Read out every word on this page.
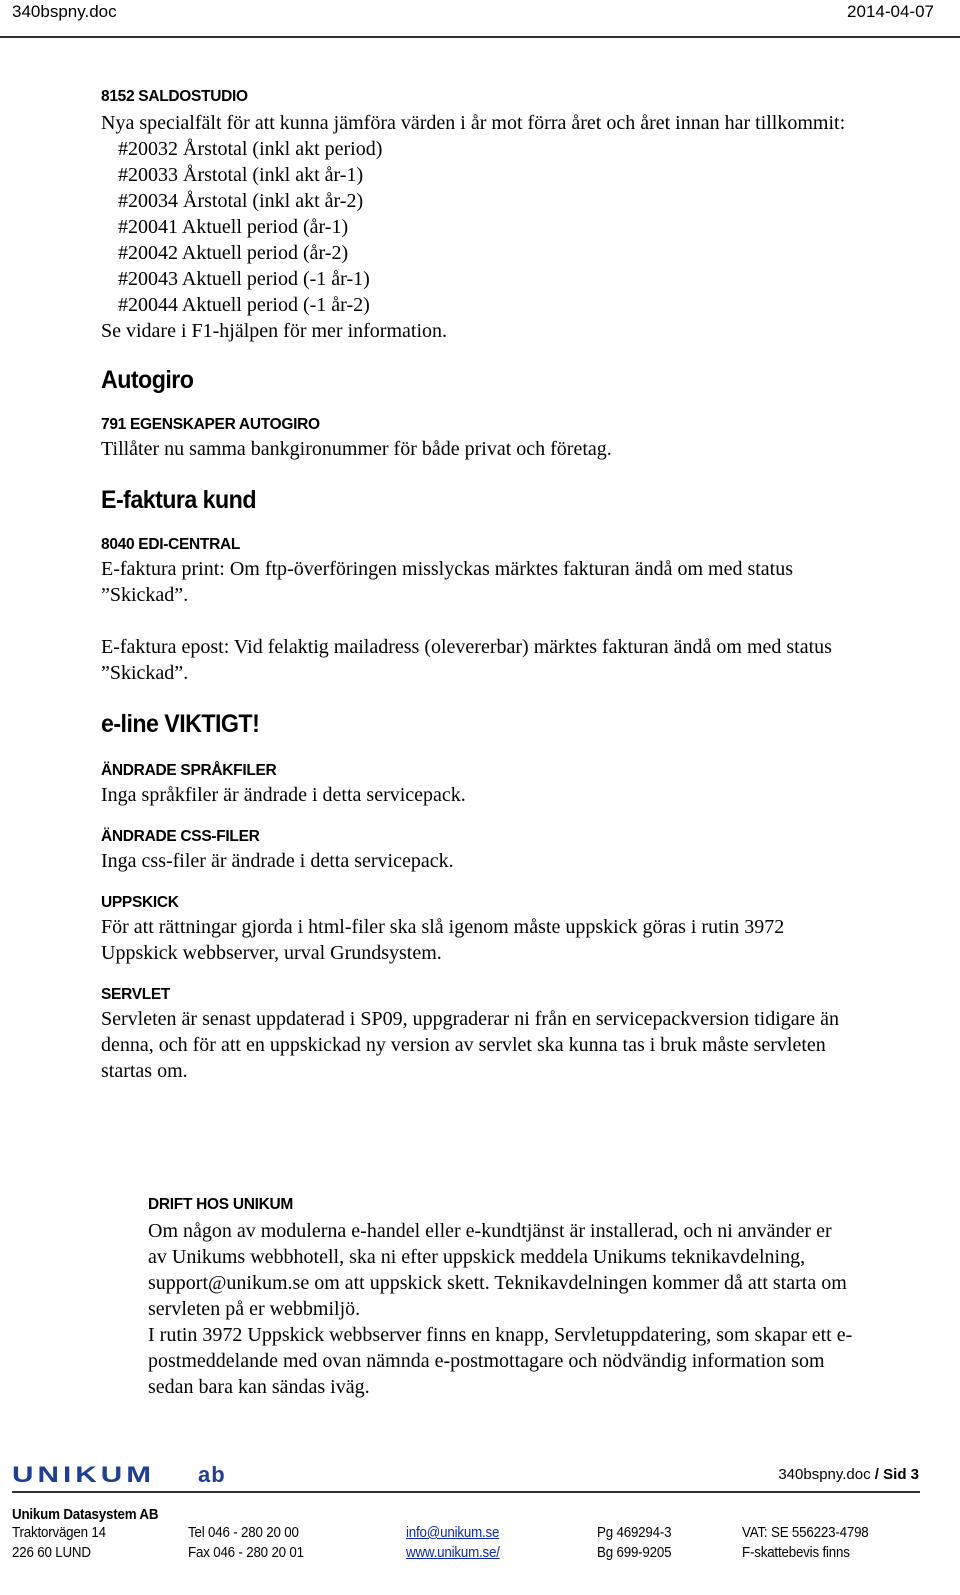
340bspny.doc	2014-04-07
8152 SALDOSTUDIO
Nya specialfält för att kunna jämföra värden i år mot förra året och året innan har tillkommit:
#20032 Årstotal (inkl akt period)
#20033 Årstotal (inkl akt år-1)
#20034 Årstotal (inkl akt år-2)
#20041 Aktuell period (år-1)
#20042 Aktuell period (år-2)
#20043 Aktuell period (-1 år-1)
#20044 Aktuell period (-1 år-2)
Se vidare i F1-hjälpen för mer information.
Autogiro
791 EGENSKAPER AUTOGIRO
Tillåter nu samma bankgironummer för både privat och företag.
E-faktura kund
8040 EDI-CENTRAL
E-faktura print: Om ftp-överföringen misslyckas märktes fakturan ändå om med status
”Skickad”.
E-faktura epost: Vid felaktig mailadress (olevererbar) märktes fakturan ändå om med status
”Skickad”.
e-line VIKTIGT!
ÄNDRADE SPRÅKFILER
Inga språkfiler är ändrade i detta servicepack.
ÄNDRADE CSS-FILER
Inga css-filer är ändrade i detta servicepack.
UPPSKICK
För att rättningar gjorda i html-filer ska slå igenom måste uppskick göras i rutin 3972
Uppskick webbserver, urval Grundsystem.
SERVLET
Servleten är senast uppdaterad i SP09, uppgraderar ni från en servicepackversion tidigare än
denna, och för att en uppskickad ny version av servlet ska kunna tas i bruk måste servleten
startas om.
DRIFT HOS UNIKUM
Om någon av modulerna e-handel eller e-kundtjänst är installerad, och ni använder er
av Unikums webbhotell, ska ni efter uppskick meddela Unikums teknikavdelning,
support@unikum.se om att uppskick skett. Teknikavdelningen kommer då att starta om
servleten på er webbmiljö.
I rutin 3972 Uppskick webbserver finns en knapp, Servletuppdatering, som skapar ett e-
postmeddelande med ovan nämnda e-postmottagare och nödvändig information som
sedan bara kan sändas iväg.
UNIKUM ab	340bspny.doc / Sid 3
Unikum Datasystem AB
Traktorvägen 14
226 60 LUND
Tel 046 - 280 20 00
Fax 046 - 280 20 01
info@unikum.se
www.unikum.se/
Pg 469294-3
Bg 699-9205
VAT: SE 556223-4798
F-skattebevis finns
